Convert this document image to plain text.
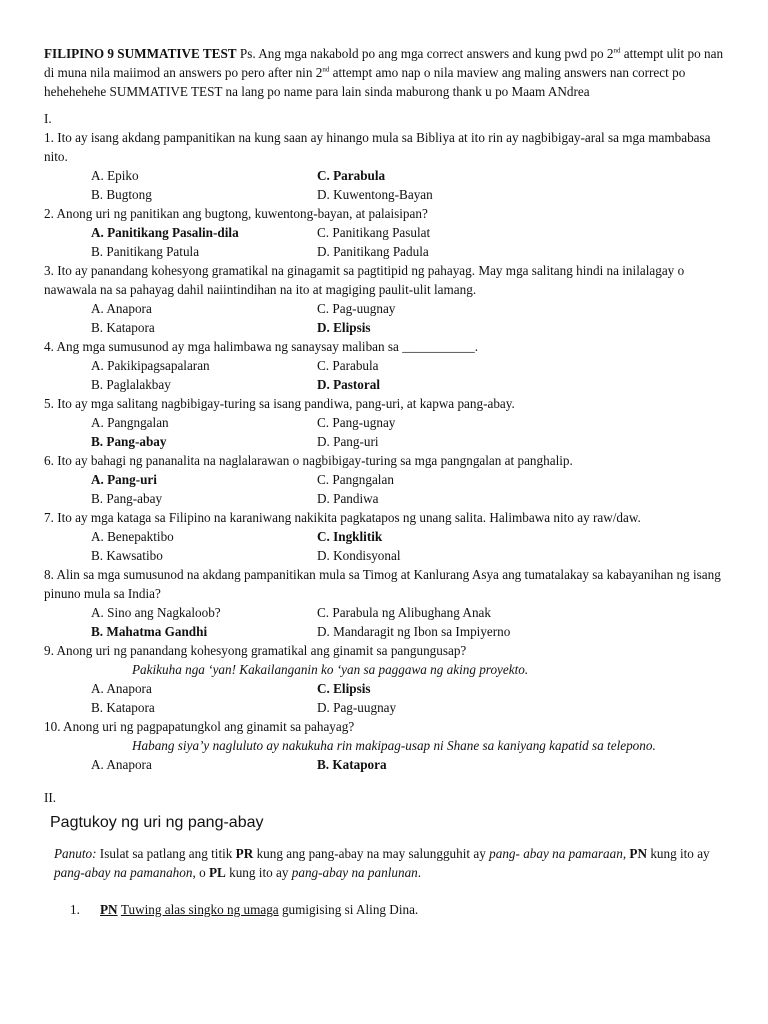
FILIPINO 9 SUMMATIVE TEST Ps. Ang mga nakabold po ang mga correct answers and kung pwd po 2nd attempt ulit po nan di muna nila maiimod an answers po pero after nin 2nd attempt amo nap o nila maview ang maling answers nan correct po hehehehehe SUMMATIVE TEST na lang po name para lain sinda maburong thank u po Maam ANdrea
I.
1. Ito ay isang akdang pampanitikan na kung saan ay hinango mula sa Bibliya at ito rin ay nagbibigay-aral sa mga mambabasa nito.
A. Epiko	C. Parabula
B. Bugtong	D. Kuwentong-Bayan
2. Anong uri ng panitikan ang bugtong, kuwentong-bayan, at palaisipan?
A. Panitikang Pasalin-dila	C. Panitikang Pasulat
B. Panitikang Patula	D. Panitikang Padula
3. Ito ay panandang kohesyong gramatikal na ginagamit sa pagtitipid ng pahayag. May mga salitang hindi na inilalagay o nawawala na sa pahayag dahil naiintindihan na ito at magiging paulit-ulit lamang.
A. Anapora	C. Pag-uugnay
B. Katapora	D. Elipsis
4. Ang mga sumusunod ay mga halimbawa ng sanaysay maliban sa ___________.
A. Pakikipagsapalaran	C. Parabula
B. Paglalakbay	D. Pastoral
5. Ito ay mga salitang nagbibigay-turing sa isang pandiwa, pang-uri, at kapwa pang-abay.
A. Pangngalan	C. Pang-ugnay
B. Pang-abay	D. Pang-uri
6. Ito ay bahagi ng pananalita na naglalarawan o nagbibigay-turing sa mga pangngalan at panghalip.
A. Pang-uri	C. Pangngalan
B. Pang-abay	D. Pandiwa
7. Ito ay mga kataga sa Filipino na karaniwang nakikita pagkatapos ng unang salita. Halimbawa nito ay raw/daw.
A. Benepaktibo	C. Ingklitik
B. Kawsatibo	D. Kondisyonal
8. Alin sa mga sumusunod na akdang pampanitikan mula sa Timog at Kanlurang Asya ang tumatalakay sa kabayanihan ng isang pinuno mula sa India?
A. Sino ang Nagkaloob?	C. Parabula ng Alibughang Anak
B. Mahatma Gandhi	D. Mandaragit ng Ibon sa Impiyerno
9. Anong uri ng panandang kohesyong gramatikal ang ginamit sa pangungusap?
Pakikuha nga ‘yan! Kakailanganin ko ‘yan sa paggawa ng aking proyekto.
A. Anapora	C. Elipsis
B. Katapora	D. Pag-uugnay
10. Anong uri ng pagpapatungkol ang ginamit sa pahayag?
Habang siya’y nagluluto ay nakukuha rin makipag-usap ni Shane sa kaniyang kapatid sa telepono.
A. Anapora	B. Katapora
II.
Pagtukoy ng uri ng pang-abay
Panuto: Isulat sa patlang ang titik PR kung ang pang-abay na may salungguhit ay pang- abay na pamaraan, PN kung ito ay pang-abay na pamanahon, o PL kung ito ay pang-abay na panlunan.
1. PN Tuwing alas singko ng umaga gumigising si Aling Dina.
